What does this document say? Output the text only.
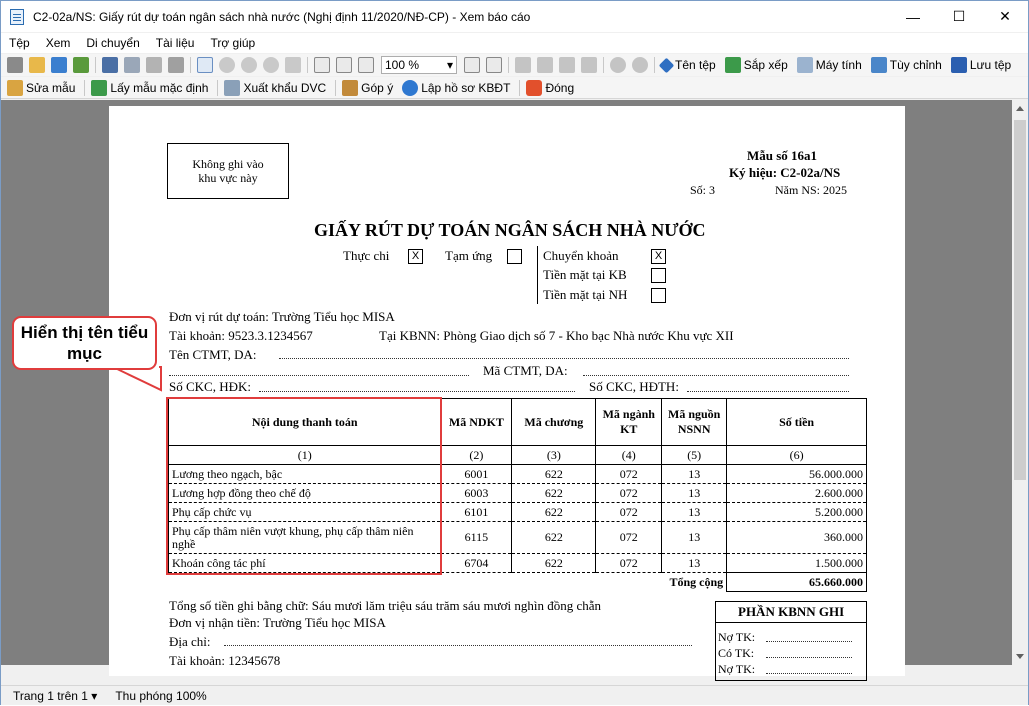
C2-02a/NS: Giấy rút dự toán ngân sách nhà nước (Nghị định 11/2020/NĐ-CP) - Xem báo cáo	—	☐	✕
Tệp	Xem	Di chuyển	Tài liệu	Trợ giúp
100 % ▾	Tên tệp Sắp xếp Máy tính Tùy chỉnh Lưu tệp
Sửa mẫu	Lấy mẫu mặc định	Xuất khẩu DVC	Góp ý Lập hồ sơ KBĐT	Đóng
Không ghi vào
khu vực này
Mẫu số 16a1
Ký hiệu: C2-02a/NS
Số: 3	Năm NS: 2025
GIẤY RÚT DỰ TOÁN NGÂN SÁCH NHÀ NƯỚC
Thực chi	X Tạm ứng	Chuyển khoản	X
Tiền mặt tại KB
Tiền mặt tại NH
Đơn vị rút dự toán: Trường Tiểu học MISA
Tài khoản: 9523.3.1234567	Tại KBNN: Phòng Giao dịch số 7 - Kho bạc Nhà nước Khu vực XII
Tên CTMT, DA:
Mã CTMT, DA:
Số CKC, HĐK:	Số CKC, HĐTH:
Nội dung thanh toán	Mã NDKT	Mã chương	Mã ngành KT	Mã nguồn NSNN	Số tiền
(1)	(2)	(3)	(4)	(5)	(6)
Lương theo ngạch, bậc	6001	622	072	13	56.000.000
Lương hợp đồng theo chế độ	6003	622	072	13	2.600.000
Phụ cấp chức vụ	6101	622	072	13	5.200.000
Phụ cấp thâm niên vượt khung, phụ cấp thâm niên nghề	6115	622	072	13	360.000
Khoán công tác phí	6704	622	072	13	1.500.000
			Tổng cộng		65.660.000
Tổng số tiền ghi bằng chữ: Sáu mươi lăm triệu sáu trăm sáu mươi nghìn đồng chẵn
Đơn vị nhận tiền: Trường Tiểu học MISA
Địa chỉ:
Tài khoản: 12345678
PHẦN KBNN GHI
Nợ TK:
Có TK:
Nợ TK:
Hiển thị tên tiểu mục
Trang 1 trên 1 ▾ Thu phóng 100%
